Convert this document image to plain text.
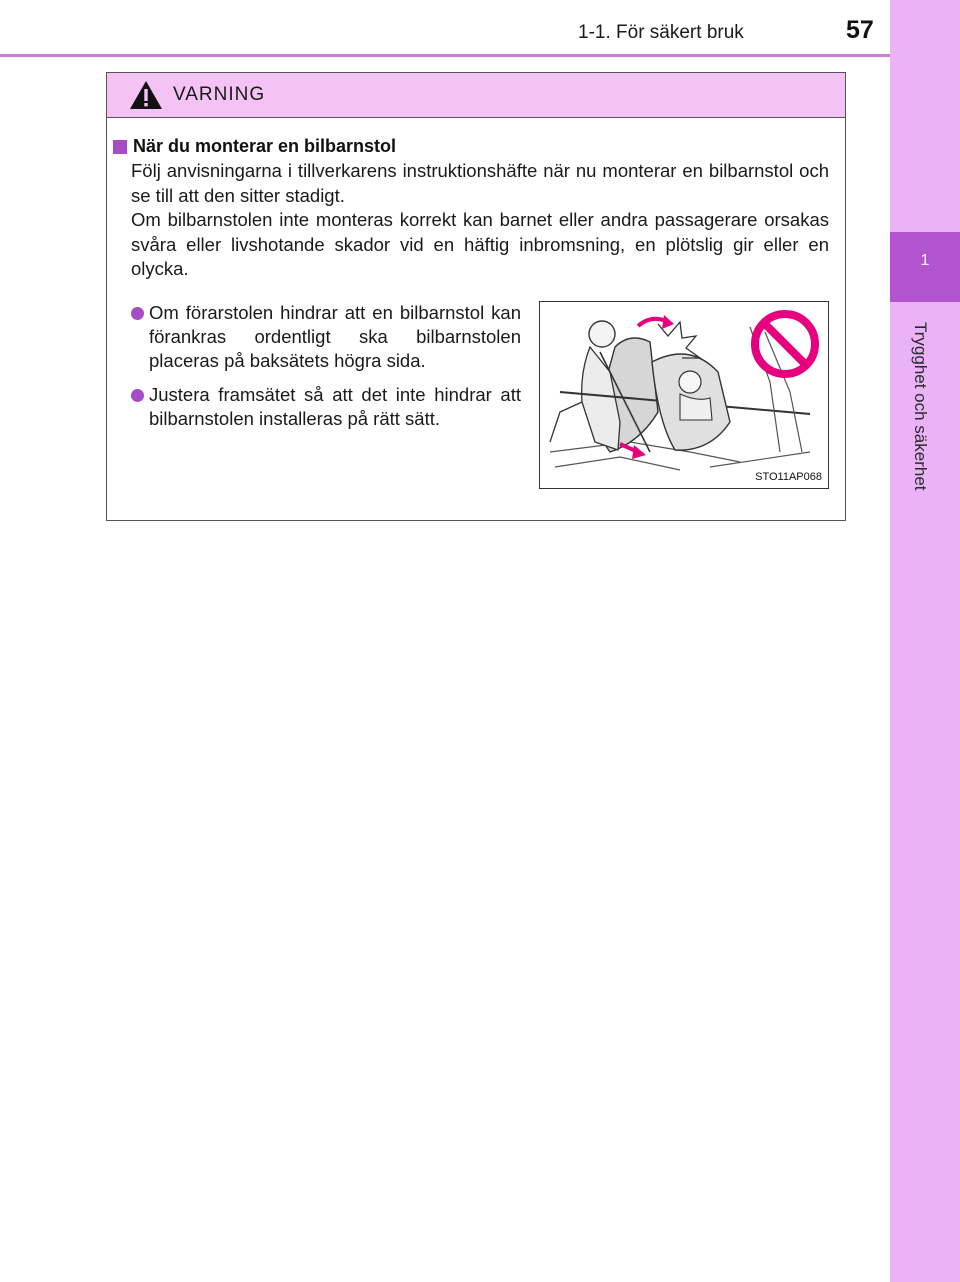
1-1. För säkert bruk	57
1
Trygghet och säkerhet
VARNING
När du monterar en bilbarnstol

Följ anvisningarna i tillverkarens instruktionshäfte när nu monterar en bilbarnstol och se till att den sitter stadigt.

Om bilbarnstolen inte monteras korrekt kan barnet eller andra passagerare orsakas svåra eller livshotande skador vid en häftig inbromsning, en plötslig gir eller en olycka.

Om förarstolen hindrar att en bilbarnstol kan förankras ordentligt ska bilbarnstolen placeras på baksätets högra sida.
Justera framsätet så att det inte hindrar att bilbarnstolen installeras på rätt sätt.
STO11AP068
